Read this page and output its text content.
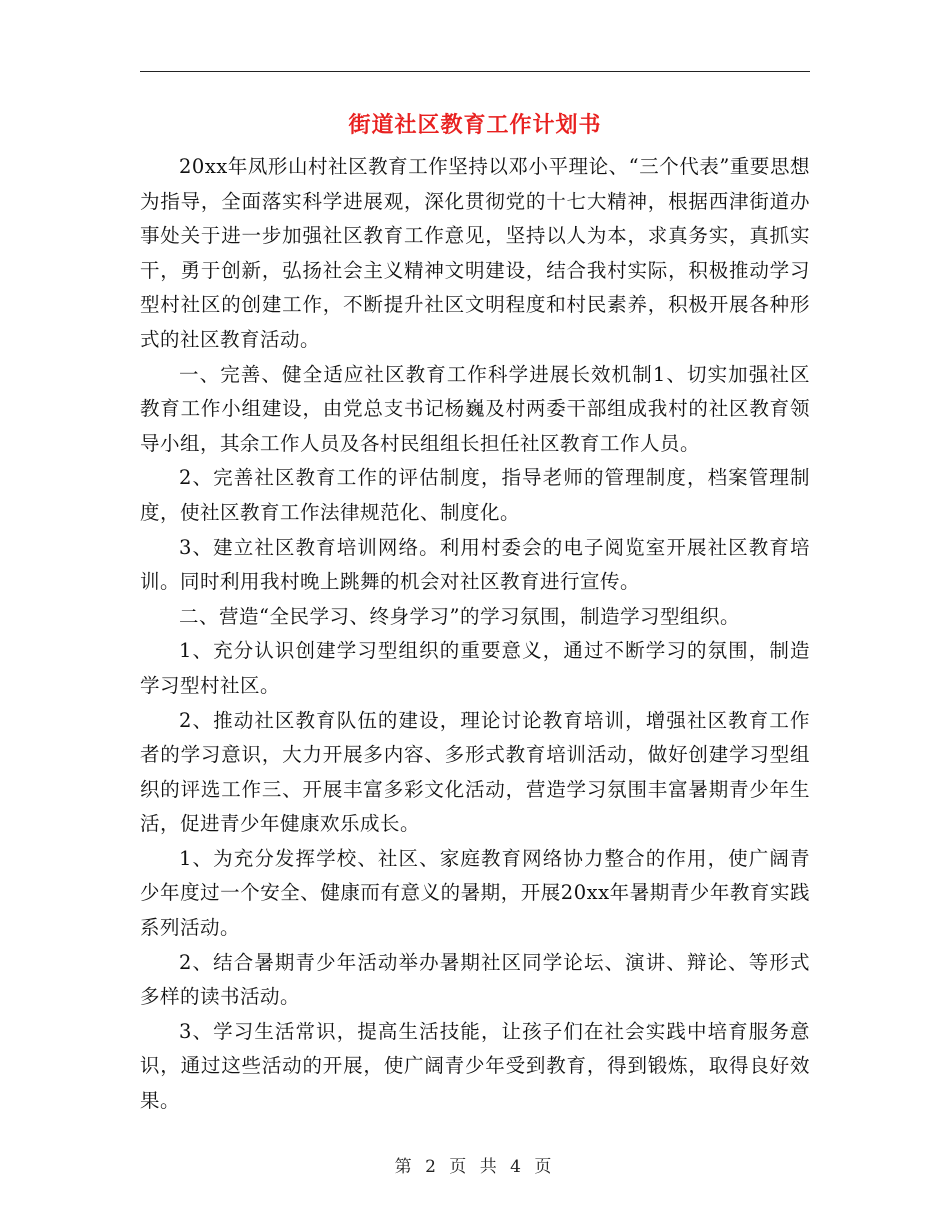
街道社区教育工作计划书

20xx年凤形山村社区教育工作坚持以邓小平理论、“三个代表”重要思想为指导，全面落实科学进展观，深化贯彻党的十七大精神，根据西津街道办事处关于进一步加强社区教育工作意见，坚持以人为本，求真务实，真抓实干，勇于创新，弘扬社会主义精神文明建设，结合我村实际，积极推动学习型村社区的创建工作，不断提升社区文明程度和村民素养，积极开展各种形式的社区教育活动。

一、完善、健全适应社区教育工作科学进展长效机制1、切实加强社区教育工作小组建设，由党总支书记杨巍及村两委干部组成我村的社区教育领导小组，其余工作人员及各村民组组长担任社区教育工作人员。

2、完善社区教育工作的评估制度，指导老师的管理制度，档案管理制度，使社区教育工作法律规范化、制度化。

3、建立社区教育培训网络。利用村委会的电子阅览室开展社区教育培训。同时利用我村晚上跳舞的机会对社区教育进行宣传。

二、营造“全民学习、终身学习”的学习氛围，制造学习型组织。

1、充分认识创建学习型组织的重要意义，通过不断学习的氛围，制造学习型村社区。

2、推动社区教育队伍的建设，理论讨论教育培训，增强社区教育工作者的学习意识，大力开展多内容、多形式教育培训活动，做好创建学习型组织的评选工作三、开展丰富多彩文化活动，营造学习氛围丰富暑期青少年生活，促进青少年健康欢乐成长。

1、为充分发挥学校、社区、家庭教育网络协力整合的作用，使广阔青少年度过一个安全、健康而有意义的暑期，开展20xx年暑期青少年教育实践系列活动。

2、结合暑期青少年活动举办暑期社区同学论坛、演讲、辩论、等形式多样的读书活动。

3、学习生活常识，提高生活技能，让孩子们在社会实践中培育服务意识，通过这些活动的开展，使广阔青少年受到教育，得到锻炼，取得良好效果。

第 2 页 共 4 页
